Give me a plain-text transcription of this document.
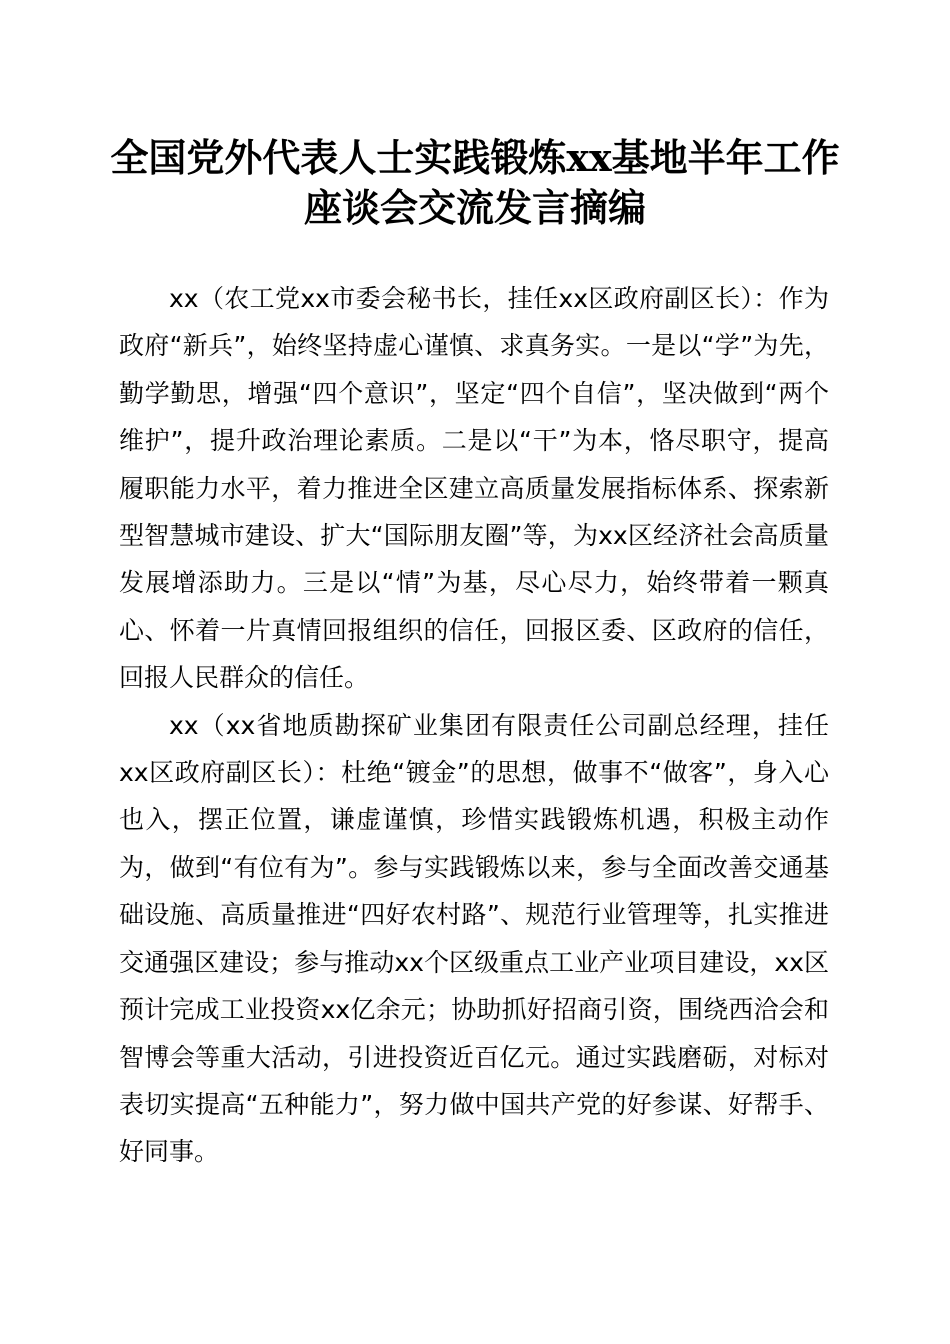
全国党外代表人士实践锻炼xx基地半年工作
座谈会交流发言摘编

xx（农工党xx市委会秘书长，挂任xx区政府副区长）：作为政府“新兵”，始终坚持虚心谨慎、求真务实。一是以“学”为先，勤学勤思，增强“四个意识”，坚定“四个自信”，坚决做到“两个维护”，提升政治理论素质。二是以“干”为本，恪尽职守，提高履职能力水平，着力推进全区建立高质量发展指标体系、探索新型智慧城市建设、扩大“国际朋友圈”等，为xx区经济社会高质量发展增添助力。三是以“情”为基，尽心尽力，始终带着一颗真心、怀着一片真情回报组织的信任，回报区委、区政府的信任，回报人民群众的信任。

xx（xx省地质勘探矿业集团有限责任公司副总经理，挂任xx区政府副区长）：杜绝“镀金”的思想，做事不“做客”，身入心也入，摆正位置，谦虚谨慎，珍惜实践锻炼机遇，积极主动作为，做到“有位有为”。参与实践锻炼以来，参与全面改善交通基础设施、高质量推进“四好农村路”、规范行业管理等，扎实推进交通强区建设；参与推动xx个区级重点工业产业项目建设，xx区预计完成工业投资xx亿余元；协助抓好招商引资，围绕西洽会和智博会等重大活动，引进投资近百亿元。通过实践磨砺，对标对表切实提高“五种能力”，努力做中国共产党的好参谋、好帮手、好同事。
